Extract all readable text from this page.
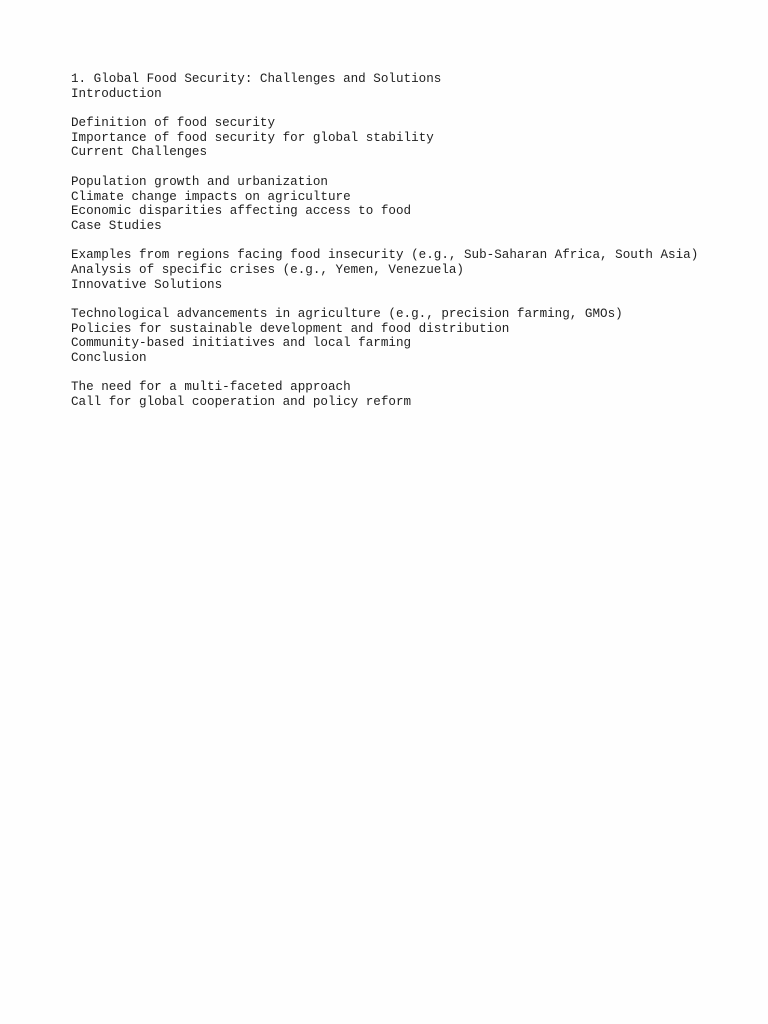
1. Global Food Security: Challenges and Solutions
Introduction
Definition of food security
Importance of food security for global stability
Current Challenges
Population growth and urbanization
Climate change impacts on agriculture
Economic disparities affecting access to food
Case Studies
Examples from regions facing food insecurity (e.g., Sub-Saharan Africa, South Asia)
Analysis of specific crises (e.g., Yemen, Venezuela)
Innovative Solutions
Technological advancements in agriculture (e.g., precision farming, GMOs)
Policies for sustainable development and food distribution
Community-based initiatives and local farming
Conclusion
The need for a multi-faceted approach
Call for global cooperation and policy reform
